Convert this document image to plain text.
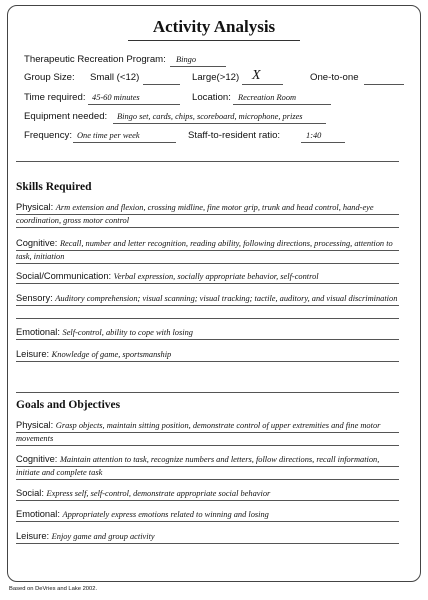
Activity Analysis
Therapeutic Recreation Program: Bingo
Group Size: Small (<12)	Large(>12) X	One-to-one
Time required: 45-60 minutes	Location: Recreation Room
Equipment needed: Bingo set, cards, chips, scoreboard, microphone, prizes
Frequency: One time per week	Staff-to-resident ratio:	1:40
Skills Required
Physical: Arm extension and flexion, crossing midline, fine motor grip, trunk and head control, hand-eye coordination, gross motor control
Cognitive: Recall, number and letter recognition, reading ability, following directions, processing, attention to task, initiation
Social/Communication: Verbal expression, socially appropriate behavior, self-control
Sensory: Auditory comprehension; visual scanning; visual tracking; tactile, auditory, and visual discrimination
Emotional: Self-control, ability to cope with losing
Leisure: Knowledge of game, sportsmanship
Goals and Objectives
Physical: Grasp objects, maintain sitting position, demonstrate control of upper extremities and fine motor movements
Cognitive: Maintain attention to task, recognize numbers and letters, follow directions, recall information, initiate and complete task
Social: Express self, self-control, demonstrate appropriate social behavior
Emotional: Appropriately express emotions related to winning and losing
Leisure: Enjoy game and group activity
Based on DeVries and Lake 2002.
